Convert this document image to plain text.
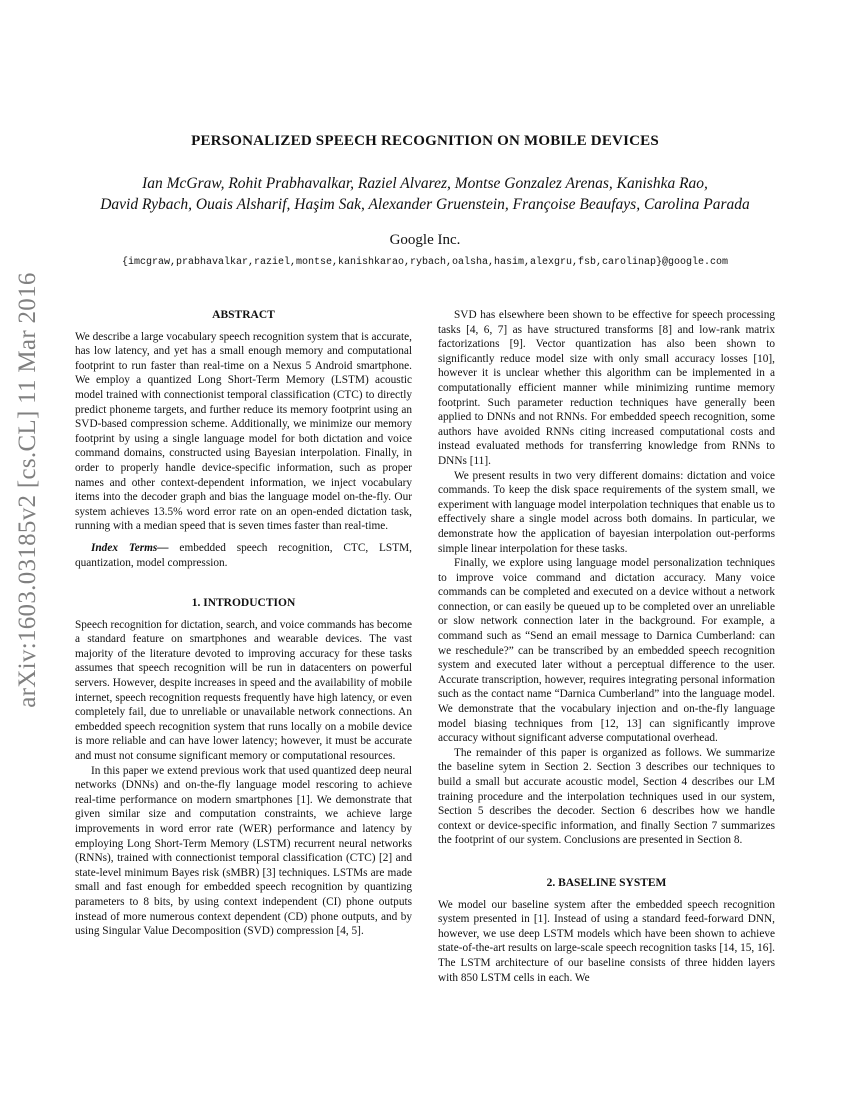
PERSONALIZED SPEECH RECOGNITION ON MOBILE DEVICES
Ian McGraw, Rohit Prabhavalkar, Raziel Alvarez, Montse Gonzalez Arenas, Kanishka Rao,
David Rybach, Ouais Alsharif, Haşim Sak, Alexander Gruenstein, Françoise Beaufays, Carolina Parada
Google Inc.
{imcgraw,prabhavalkar,raziel,montse,kanishkarao,rybach,oalsha,hasim,alexgru,fsb,carolinap}@google.com
arXiv:1603.03185v2 [cs.CL] 11 Mar 2016	ABSTRACT

We describe a large vocabulary speech recognition system that is accurate, has low latency, and yet has a small enough memory and computational footprint to run faster than real-time on a Nexus 5 Android smartphone. We employ a quantized Long Short-Term Memory (LSTM) acoustic model trained with connectionist temporal classification (CTC) to directly predict phoneme targets, and further reduce its memory footprint using an SVD-based compression scheme. Additionally, we minimize our memory footprint by using a single language model for both dictation and voice command domains, constructed using Bayesian interpolation. Finally, in order to properly handle device-specific information, such as proper names and other context-dependent information, we inject vocabulary items into the decoder graph and bias the language model on-the-fly. Our system achieves 13.5% word error rate on an open-ended dictation task, running with a median speed that is seven times faster than real-time.

Index Terms— embedded speech recognition, CTC, LSTM, quantization, model compression.

1. INTRODUCTION

Speech recognition for dictation, search, and voice commands has become a standard feature on smartphones and wearable devices. The vast majority of the literature devoted to improving accuracy for these tasks assumes that speech recognition will be run in datacenters on powerful servers. However, despite increases in speed and the availability of mobile internet, speech recognition requests frequently have high latency, or even completely fail, due to unreliable or unavailable network connections. An embedded speech recognition system that runs locally on a mobile device is more reliable and can have lower latency; however, it must be accurate and must not consume significant memory or computational resources.

In this paper we extend previous work that used quantized deep neural networks (DNNs) and on-the-fly language model rescoring to achieve real-time performance on modern smartphones [1]. We demonstrate that given similar size and computation constraints, we achieve large improvements in word error rate (WER) performance and latency by employing Long Short-Term Memory (LSTM) recurrent neural networks (RNNs), trained with connectionist temporal classification (CTC) [2] and state-level minimum Bayes risk (sMBR) [3] techniques. LSTMs are made small and fast enough for embedded speech recognition by quantizing parameters to 8 bits, by using context independent (CI) phone outputs instead of more numerous context dependent (CD) phone outputs, and by using Singular Value Decomposition (SVD) compression [4, 5].

SVD has elsewhere been shown to be effective for speech processing tasks [4, 6, 7] as have structured transforms [8] and low-rank matrix factorizations [9]. Vector quantization has also been shown to significantly reduce model size with only small accuracy losses [10], however it is unclear whether this algorithm can be implemented in a computationally efficient manner while minimizing runtime memory footprint. Such parameter reduction techniques have generally been applied to DNNs and not RNNs. For embedded speech recognition, some authors have avoided RNNs citing increased computational costs and instead evaluated methods for transferring knowledge from RNNs to DNNs [11].

We present results in two very different domains: dictation and voice commands. To keep the disk space requirements of the system small, we experiment with language model interpolation techniques that enable us to effectively share a single model across both domains. In particular, we demonstrate how the application of bayesian interpolation out-performs simple linear interpolation for these tasks.

Finally, we explore using language model personalization techniques to improve voice command and dictation accuracy. Many voice commands can be completed and executed on a device without a network connection, or can easily be queued up to be completed over an unreliable or slow network connection later in the background. For example, a command such as “Send an email message to Darnica Cumberland: can we reschedule?” can be transcribed by an embedded speech recognition system and executed later without a perceptual difference to the user. Accurate transcription, however, requires integrating personal information such as the contact name “Darnica Cumberland” into the language model. We demonstrate that the vocabulary injection and on-the-fly language model biasing techniques from [12, 13] can significantly improve accuracy without significant adverse computational overhead.

The remainder of this paper is organized as follows. We summarize the baseline sytem in Section 2. Section 3 describes our techniques to build a small but accurate acoustic model, Section 4 describes our LM training procedure and the interpolation techniques used in our system, Section 5 describes the decoder. Section 6 describes how we handle context or device-specific information, and finally Section 7 summarizes the footprint of our system. Conclusions are presented in Section 8.

2. BASELINE SYSTEM

We model our baseline system after the embedded speech recognition system presented in [1]. Instead of using a standard feed-forward DNN, however, we use deep LSTM models which have been shown to achieve state-of-the-art results on large-scale speech recognition tasks [14, 15, 16]. The LSTM architecture of our baseline consists of three hidden layers with 850 LSTM cells in each. We
